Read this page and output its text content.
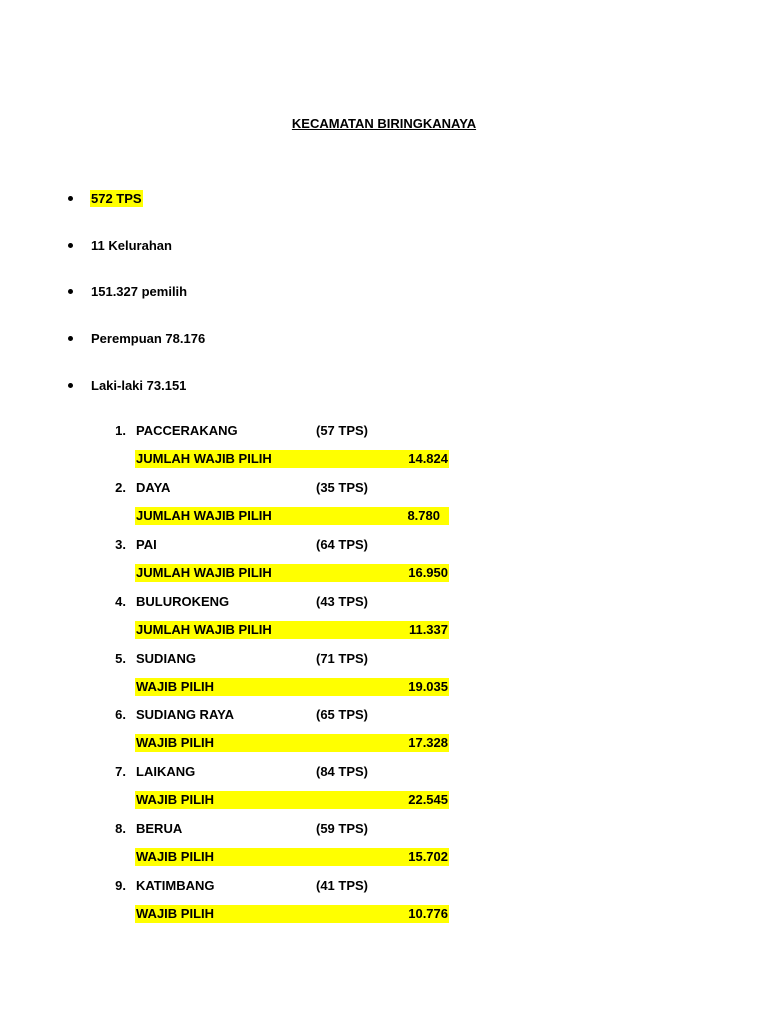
KECAMATAN BIRINGKANAYA
572 TPS
11 Kelurahan
151.327 pemilih
Perempuan 78.176
Laki-laki 73.151
1. PACCERAKANG	(57 TPS)
JUMLAH WAJIB PILIH	14.824
2. DAYA	(35 TPS)
JUMLAH WAJIB PILIH	8.780
3. PAI	(64 TPS)
JUMLAH WAJIB PILIH	16.950
4. BULUROKENG	(43 TPS)
JUMLAH WAJIB PILIH	11.337
5. SUDIANG	(71 TPS)
WAJIB PILIH	19.035
6. SUDIANG RAYA	(65 TPS)
WAJIB PILIH	17.328
7. LAIKANG	(84 TPS)
WAJIB PILIH	22.545
8. BERUA	(59 TPS)
WAJIB PILIH	15.702
9. KATIMBANG	(41 TPS)
WAJIB PILIH	10.776
